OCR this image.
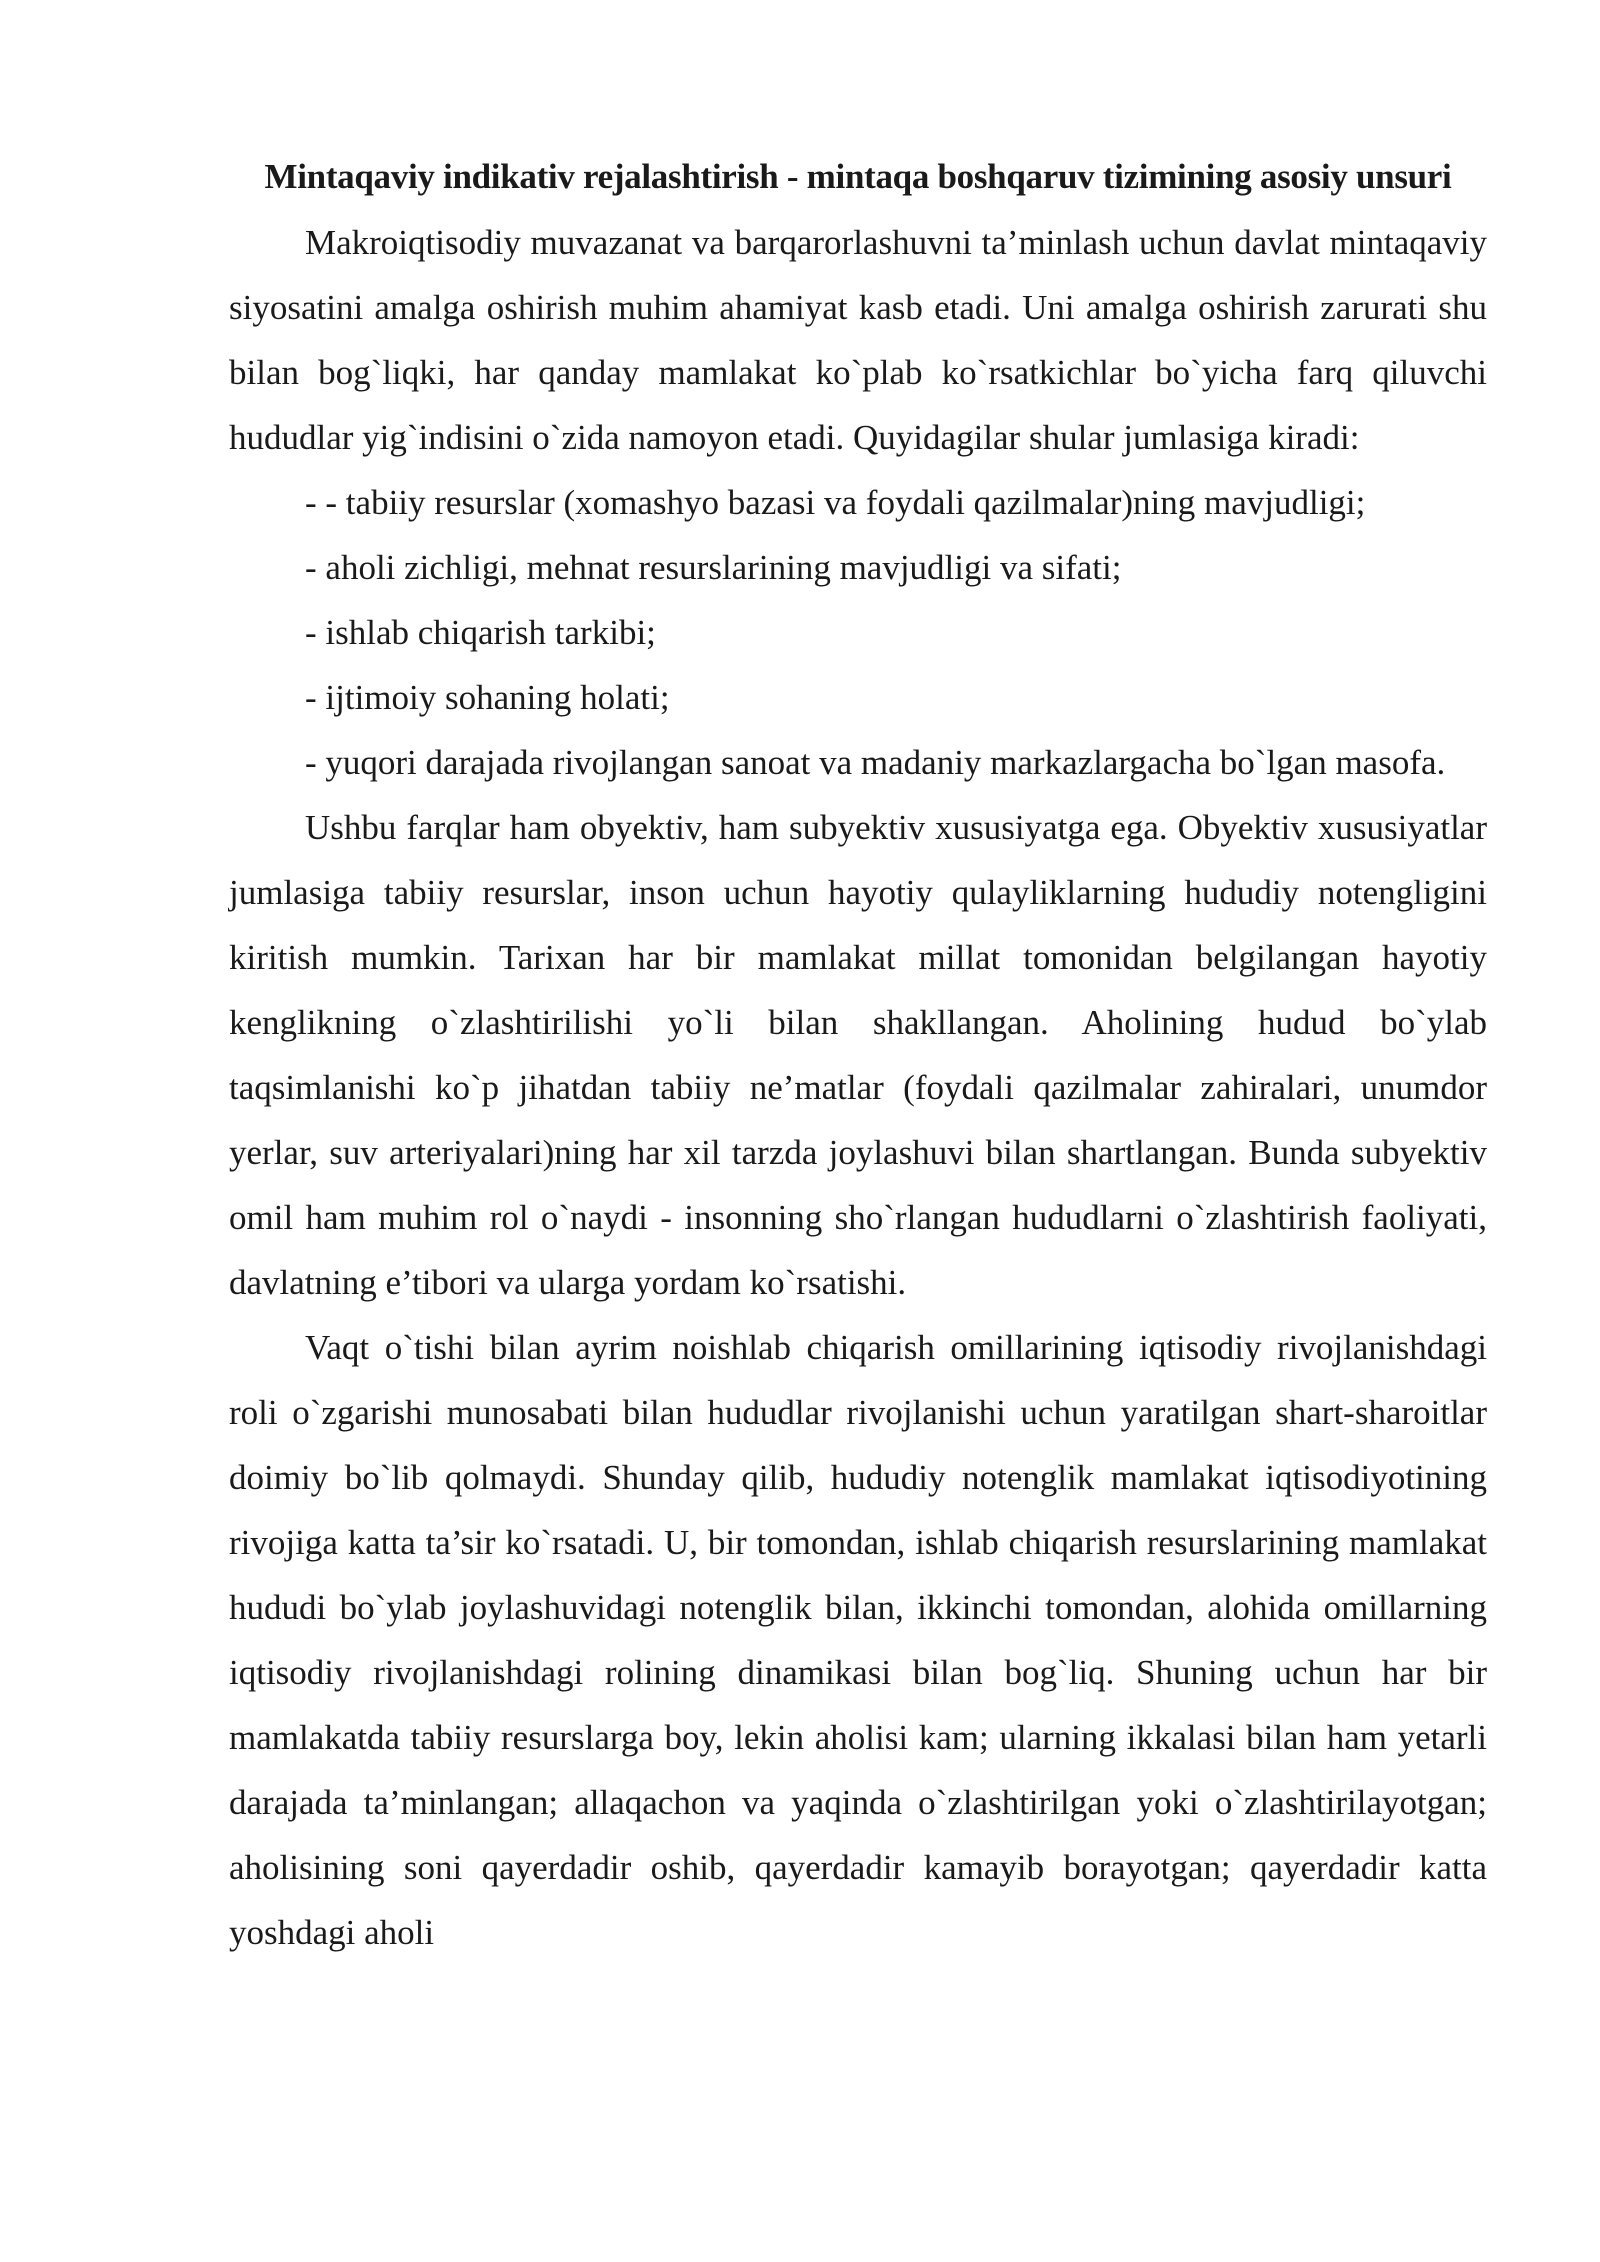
Mintaqaviy indikativ rejalashtirish - mintaqa boshqaruv tizimining asosiy unsuri

Makroiqtisodiy muvazanat va barqarorlashuvni ta’minlash uchun davlat mintaqaviy siyosatini amalga oshirish muhim ahamiyat kasb etadi. Uni amalga oshirish zarurati shu bilan bog`liqki, har qanday mamlakat ko`plab ko`rsatkichlar bo`yicha farq qiluvchi hududlar yig`indisini o`zida namoyon etadi. Quyidagilar shular jumlasiga kiradi:

- - tabiiy resurslar (xomashyo bazasi va foydali qazilmalar)ning mavjudligi;

- aholi zichligi, mehnat resurslarining mavjudligi va sifati;

- ishlab chiqarish tarkibi;

- ijtimoiy sohaning holati;

- yuqori darajada rivojlangan sanoat va madaniy markazlargacha bo`lgan masofa.

Ushbu farqlar ham obyektiv, ham subyektiv xususiyatga ega. Obyektiv xususiyatlar jumlasiga tabiiy resurslar, inson uchun hayotiy qulayliklarning hududiy notengligini kiritish mumkin. Tarixan har bir mamlakat millat tomonidan belgilangan hayotiy kenglikning o`zlashtirilishi yo`li bilan shakllangan. Aholining hudud bo`ylab taqsimlanishi ko`p jihatdan tabiiy ne’matlar (foydali qazilmalar zahiralari, unumdor yerlar, suv arteriyalari)ning har xil tarzda joylashuvi bilan shartlangan. Bunda subyektiv omil ham muhim rol o`naydi - insonning sho`rlangan hududlarni o`zlashtirish faoliyati, davlatning e’tibori va ularga yordam ko`rsatishi.

Vaqt o`tishi bilan ayrim noishlab chiqarish omillarining iqtisodiy rivojlanishdagi roli o`zgarishi munosabati bilan hududlar rivojlanishi uchun yaratilgan shart-sharoitlar doimiy bo`lib qolmaydi. Shunday qilib, hududiy notenglik mamlakat iqtisodiyotining rivojiga katta ta’sir ko`rsatadi. U, bir tomondan, ishlab chiqarish resurslarining mamlakat hududi bo`ylab joylashuvidagi notenglik bilan, ikkinchi tomondan, alohida omillarning iqtisodiy rivojlanishdagi rolining dinamikasi bilan bog`liq. Shuning uchun har bir mamlakatda tabiiy resurslarga boy, lekin aholisi kam; ularning ikkalasi bilan ham yetarli darajada ta’minlangan; allaqachon va yaqinda o`zlashtirilgan yoki o`zlashtirilayotgan; aholisining soni qayerdadir oshib, qayerdadir kamayib borayotgan; qayerdadir katta yoshdagi aholi
